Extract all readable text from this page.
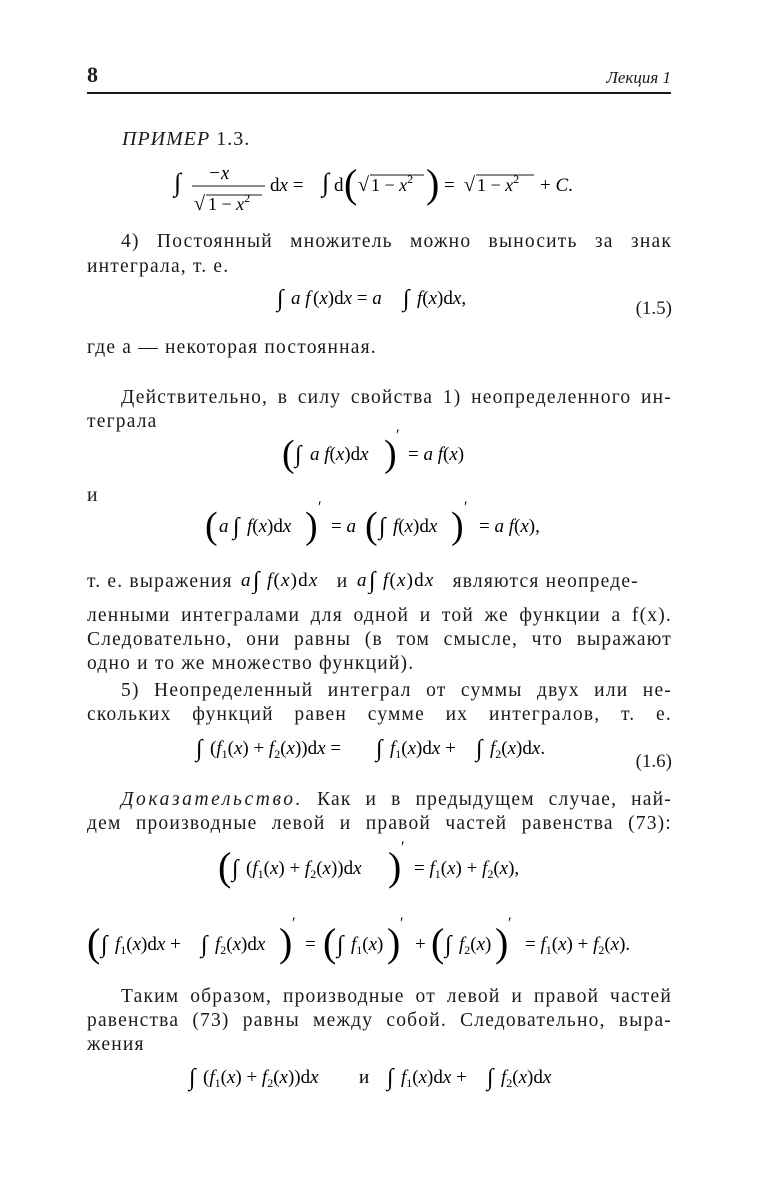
8	Лекция 1
ПРИМЕР 1.3.
∫ −x
√ $1 - x^2$
dx = ∫ d ( √ $1 - x^2$ ) = √ $1 - x^2 + C$.
4) Постоянный множитель можно выносить за знак
интеграла, т. е.
∫ a f (x)dx = a ∫ f(x)dx,	(1.5)
где a — некоторая постоянная.
Действительно, в силу свойства 1) неопределенного ин-
теграла
( ∫ a f(x)dx ) ′
= a f(x)
и
( a ∫ f(x)dx ) ′
= a ( ∫ f(x)dx ) ′
= a f(x),
т. е. выражения a ∫ f(x)dx и a ∫ f(x)dx являются неопреде-
ленными интегралами для одной и той же функции a f(x).
Следовательно, они равны (в том смысле, что выражают
одно и то же множество функций).
5) Неопределенный интеграл от суммы двух или не-
скольких функций равен сумме их интегралов, т. е.
∫ $(f_1(x) + f_2(x))dx$ = ∫ $f_1(x)dx$ + ∫ $f_2(x)dx$.
(1.6)
Доказательство. Как и в предыдущем случае, най-
дем производные левой и правой частей равенства (73):
( ∫ $(f_1(x) + f_2(x))dx$ ) ′
= $f_1(x) + f_2(x)$,
( ∫ $f_1(x)dx$ + ∫ $f_2(x)dx$ ) ′
= ( ∫ $f_1(x)$ ) ′
+ ( ∫ $f_2(x)$ ) ′
= $f_1(x) + f_2(x)$.
Таким образом, производные от левой и правой частей
равенства (73) равны между собой. Следовательно, выра-
жения
∫ $(f_1(x) + f_2(x))dx$ и ∫ $f_1(x)dx$ + ∫ $f_2(x)dx$
